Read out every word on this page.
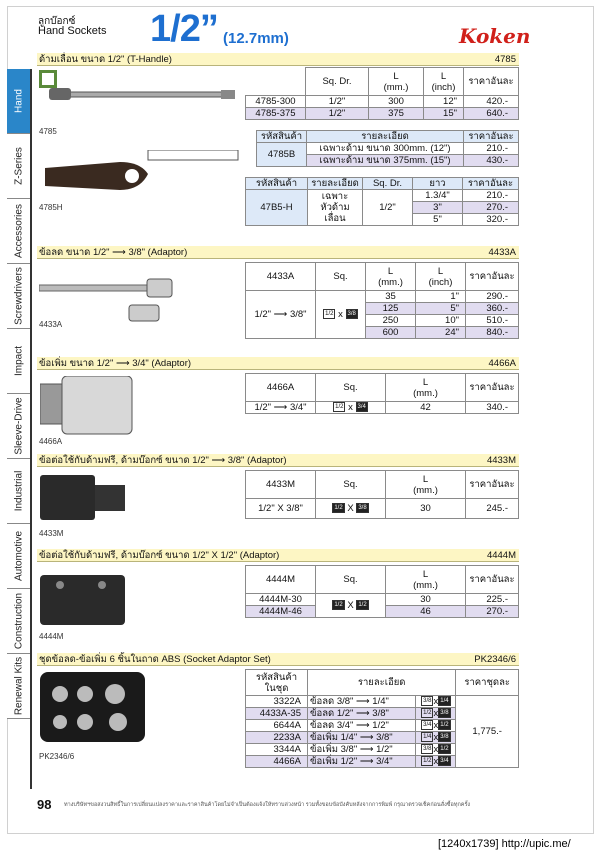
ลูกบ๊อกซ์
Hand Sockets 1/2” (12.7mm)	Koken
Hand
Z-Series
Accessories
Screwdrivers
Impact
Sleeve-Drive
Industrial
Automotive
Construction
Renewal Kits
ด้ามเลื่อน ขนาด 1/2" (T-Handle)	4785
4785
4785H
	Sq. Dr.	L
(mm.)	L
(inch)	ราคาอันละ
4785-300	1/2"	300	12"	420.-
4785-375	1/2"	375	15"	640.-
รหัสสินค้า	รายละเอียด	ราคาอันละ
4785B	เฉพาะด้าม ขนาด 300mm. (12")	210.-
	เฉพาะด้าม ขนาด 375mm. (15")	430.-
รหัสสินค้า	รายละเอียด	Sq. Dr.	ยาว	ราคาอันละ
47B5-H	เฉพาะ
หัวด้ามเลื่อน	1/2"	1.3/4"	210.-
			3"	270.-
			5"	320.-
ข้อลด ขนาด 1/2" ⟶ 3/8" (Adaptor)	4433A
4433A
4433A	Sq.	L
(mm.)	L
(inch)	ราคาอันละ
1/2" ⟶ 3/8"	1/2 x 3/8	35	1"	290.-
		125	5"	360.-
		250	10"	510.-
		600	24"	840.-
ข้อเพิ่ม ขนาด 1/2" ⟶ 3/4" (Adaptor)	4466A
4466A
4466A	Sq.	L
(mm.)	ราคาอันละ
1/2" ⟶ 3/4"	1/2 x 3/4	42	340.-
ข้อต่อใช้กับด้ามฟรี, ด้ามบ๊อกซ์ ขนาด 1/2" ⟶ 3/8" (Adaptor)	4433M
4433M
4433M	Sq.	L
(mm.)	ราคาอันละ
1/2" X 3/8"	1/2 X 3/8	30	245.-
ข้อต่อใช้กับด้ามฟรี, ด้ามบ๊อกซ์ ขนาด 1/2" X 1/2" (Adaptor)	4444M
4444M
4444M	Sq.	L
(mm.)	ราคาอันละ
4444M-30	1/2 X 1/2	30	225.-
4444M-46		46	270.-
ชุดข้อลด-ข้อเพิ่ม 6 ชิ้นในถาด ABS (Socket Adaptor Set)	PK2346/6
PK2346/6
รหัสสินค้า
ในชุด	รายละเอียด		ราคาชุดละ
3322A	ข้อลด 3/8" ⟶ 1/4"	3/8 x 1/4	1,775.-
4433A-35	ข้อลด 1/2" ⟶ 3/8"	1/2 x 3/8	
6644A	ข้อลด 3/4" ⟶ 1/2"	3/4 x 1/2	
2233A	ข้อเพิ่ม 1/4" ⟶ 3/8"	1/4 x 3/8	
3344A	ข้อเพิ่ม 3/8" ⟶ 1/2"	3/8 x 1/2	
4466A	ข้อเพิ่ม 1/2" ⟶ 3/4"	1/2 x 3/4	
98 ทางบริษัทฯขอสงวนสิทธิ์ในการเปลี่ยนแปลงราคาและราคาสินค้าโดยไม่จำเป็นต้องแจ้งให้ทราบล่วงหน้า รวมทั้งขอบข้อบังคับหลังจากการพิมพ์ กรุณาตรวจเช็คก่อนสั่งซื้อทุกครั้ง
[1240x1739] http://upic.me/
